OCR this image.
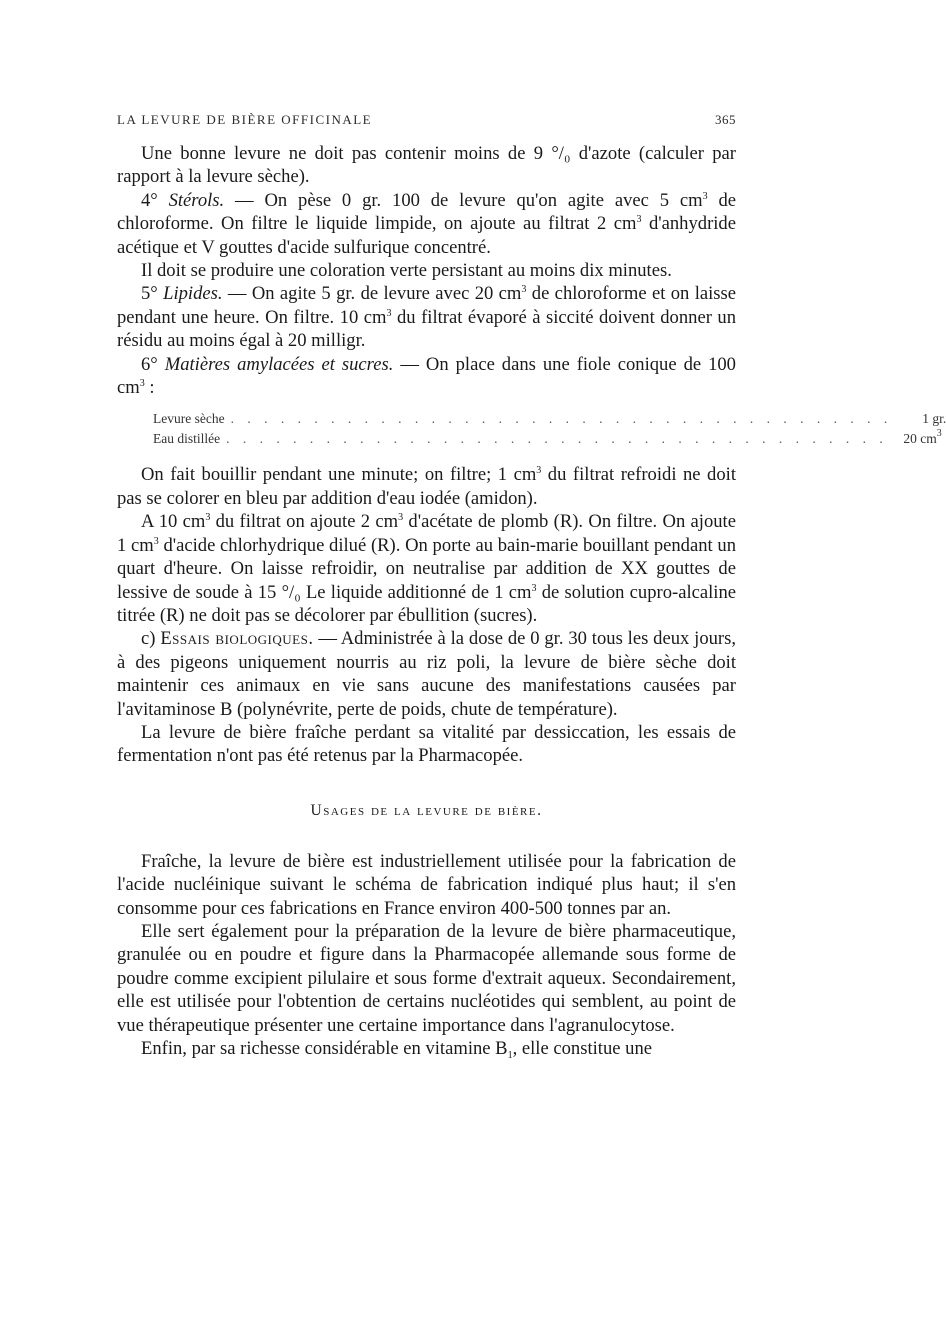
LA LEVURE DE BIÈRE OFFICINALE	365

Une bonne levure ne doit pas contenir moins de 9 °/₀ d'azote (calculer par rapport à la levure sèche).

4° Stérols. — On pèse 0 gr. 100 de levure qu'on agite avec 5 $cm^3$ de chloroforme. On filtre le liquide limpide, on ajoute au filtrat 2 $cm^3$ d'anhydride acétique et V gouttes d'acide sulfurique concentré.

Il doit se produire une coloration verte persistant au moins dix minutes.

5° Lipides. — On agite 5 gr. de levure avec 20 $cm^3$ de chloroforme et on laisse pendant une heure. On filtre. 10 $cm^3$ du filtrat évaporé à siccité doivent donner un résidu au moins égal à 20 milligr.

6° Matières amylacées et sucres. — On place dans une fiole conique de 100 $cm^3$ :

Levure sèche . . . . . . . . . . . . . . . . . . . . . . . . . . . . . . . . . . . . . . . .	1 gr.
Eau distillée . . . . . . . . . . . . . . . . . . . . . . . . . . . . . . . . . . . . . . . .	20 $cm^3$

On fait bouillir pendant une minute; on filtre; 1 $cm^3$ du filtrat refroidi ne doit pas se colorer en bleu par addition d'eau iodée (amidon).

A 10 $cm^3$ du filtrat on ajoute 2 $cm^3$ d'acétate de plomb (R). On filtre. On ajoute 1 $cm^3$ d'acide chlorhydrique dilué (R). On porte au bain-marie bouillant pendant un quart d'heure. On laisse refroidir, on neutralise par addition de XX gouttes de lessive de soude à 15 °/₀ Le liquide additionné de 1 $cm^3$ de solution cupro-alcaline titrée (R) ne doit pas se décolorer par ébullition (sucres).

c) Essais biologiques. — Administrée à la dose de 0 gr. 30 tous les deux jours, à des pigeons uniquement nourris au riz poli, la levure de bière sèche doit maintenir ces animaux en vie sans aucune des manifestations causées par l'avitaminose B (polynévrite, perte de poids, chute de température).

La levure de bière fraîche perdant sa vitalité par dessiccation, les essais de fermentation n'ont pas été retenus par la Pharmacopée.

Usages de la levure de bière.

Fraîche, la levure de bière est industriellement utilisée pour la fabrication de l'acide nucléinique suivant le schéma de fabrication indiqué plus haut; il s'en consomme pour ces fabrications en France environ 400-500 tonnes par an.

Elle sert également pour la préparation de la levure de bière pharmaceutique, granulée ou en poudre et figure dans la Pharmacopée allemande sous forme de poudre comme excipient pilulaire et sous forme d'extrait aqueux. Secondairement, elle est utilisée pour l'obtention de certains nucléotides qui semblent, au point de vue thérapeutique présenter une certaine importance dans l'agranulocytose.

Enfin, par sa richesse considérable en vitamine $B_1$, elle constitue une
